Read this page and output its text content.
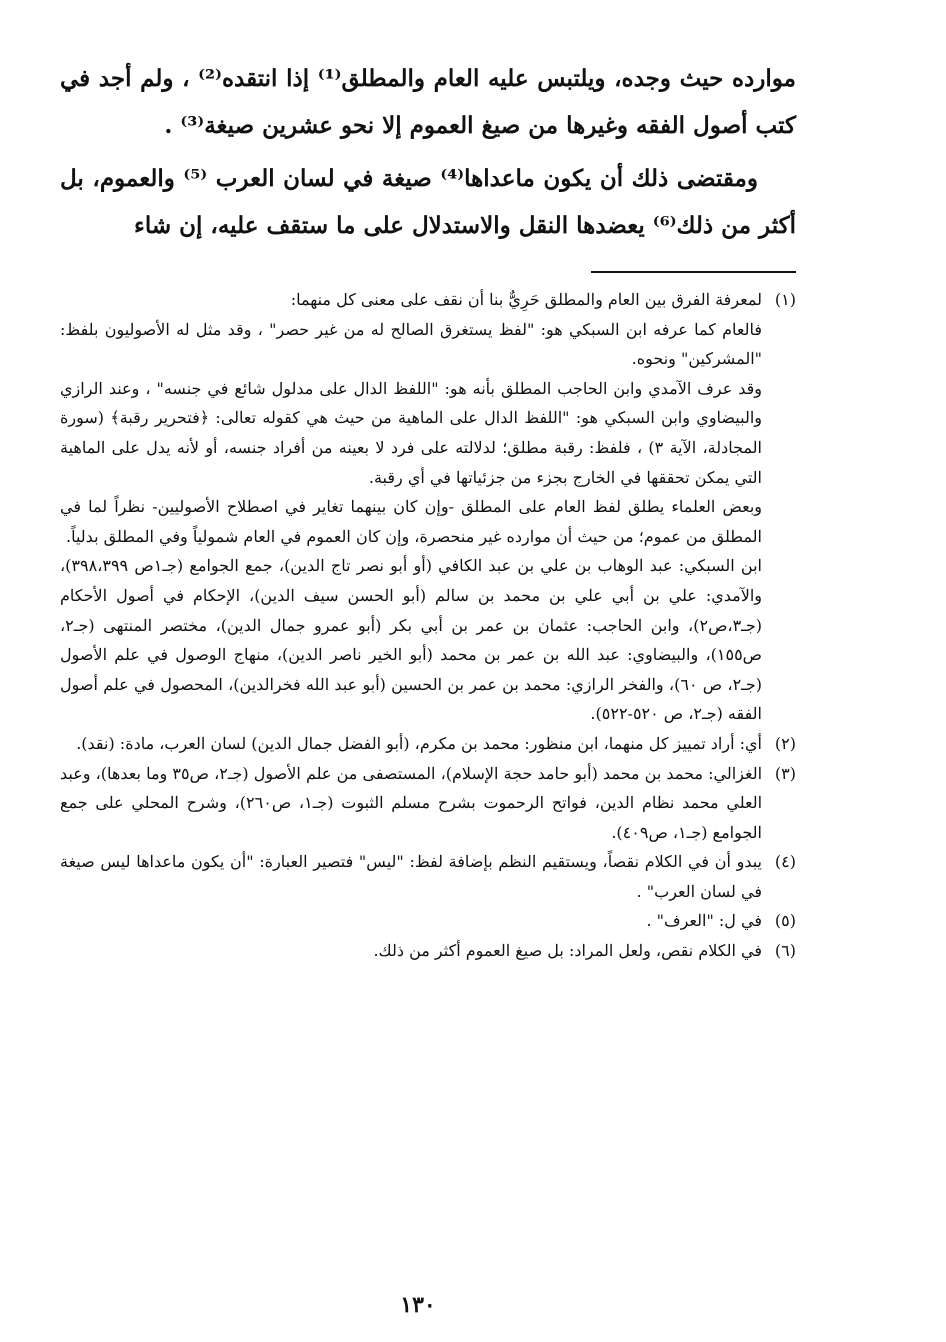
موارده حيث وجده، ويلتبس عليه العام والمطلق⁽¹⁾ إذا انتقده⁽²⁾ ، ولم أجد في كتب أصول الفقه وغيرها من صيغ العموم إلا نحو عشرين صيغة⁽³⁾ .

ومقتضى ذلك أن يكون ماعداها⁽⁴⁾ صيغة في لسان العرب ⁽⁵⁾ والعموم، بل أكثر من ذلك⁽⁶⁾ يعضدها النقل والاستدلال على ما ستقف عليه، إن شاء

(١)

لمعرفة الفرق بين العام والمطلق حَرِيٌّ بنا أن نقف على معنى كل منهما:

فالعام كما عرفه ابن السبكي هو: "لفظ يستغرق الصالح له من غير حصر" ، وقد مثل له الأصوليون بلفظ: "المشركين" ونحوه.

وقد عرف الآمدي وابن الحاجب المطلق بأنه هو: "اللفظ الدال على مدلول شائع في جنسه" ، وعند الرازي والبيضاوي وابن السبكي هو: "اللفظ الدال على الماهية من حيث هي كقوله تعالى: ﴿فتحرير رقبة﴾ (سورة المجادلة، الآية ٣) ، فلفظ: رقبة مطلق؛ لدلالته على فرد لا بعينه من أفراد جنسه، أو لأنه يدل على الماهية التي يمكن تحققها في الخارج بجزء من جزئياتها في أي رقبة.

وبعض العلماء يطلق لفظ العام على المطلق -وإن كان بينهما تغاير في اصطلاح الأصوليين- نظراً لما في المطلق من عموم؛ من حيث أن موارده غير منحصرة، وإن كان العموم في العام شمولياً وفي المطلق بدلياً.

ابن السبكي: عبد الوهاب بن علي بن عبد الكافي (أو أبو نصر تاج الدين)، جمع الجوامع (جـ١ص ٣٩٨،٣٩٩)، والآمدي: علي بن أبي علي بن محمد بن سالم (أبو الحسن سيف الدين)، الإحكام في أصول الأحكام (جـ٣،ص٢)، وابن الحاجب: عثمان بن عمر بن أبي بكر (أبو عمرو جمال الدين)، مختصر المنتهى (جـ٢، ص١٥٥)، والبيضاوي: عبد الله بن عمر بن محمد (أبو الخير ناصر الدين)، منهاج الوصول في علم الأصول (جـ٢، ص ٦٠)، والفخر الرازي: محمد بن عمر بن الحسين (أبو عبد الله فخرالدين)، المحصول في علم أصول الفقه (جـ٢، ص ٥٢٠-٥٢٢).

(٢)

أي: أراد تمييز كل منهما، ابن منظور: محمد بن مكرم، (أبو الفضل جمال الدين) لسان العرب، مادة: (نقد).

(٣)

الغزالي: محمد بن محمد (أبو حامد حجة الإسلام)، المستصفى من علم الأصول (جـ٢، ص٣٥ وما بعدها)، وعبد العلي محمد نظام الدين، فواتح الرحموت بشرح مسلم الثبوت (جـ١، ص٢٦٠)، وشرح المحلي على جمع الجوامع (جـ١، ص٤٠٩).

(٤)

يبدو أن في الكلام نقصاً، ويستقيم النظم بإضافة لفظ: "ليس" فتصير العبارة: "أن يكون ماعداها ليس صيغة في لسان العرب" .

(٥)

في ل: "العرف" .

(٦)

في الكلام نقص، ولعل المراد: بل صيغ العموم أكثر من ذلك.

١٣٠
